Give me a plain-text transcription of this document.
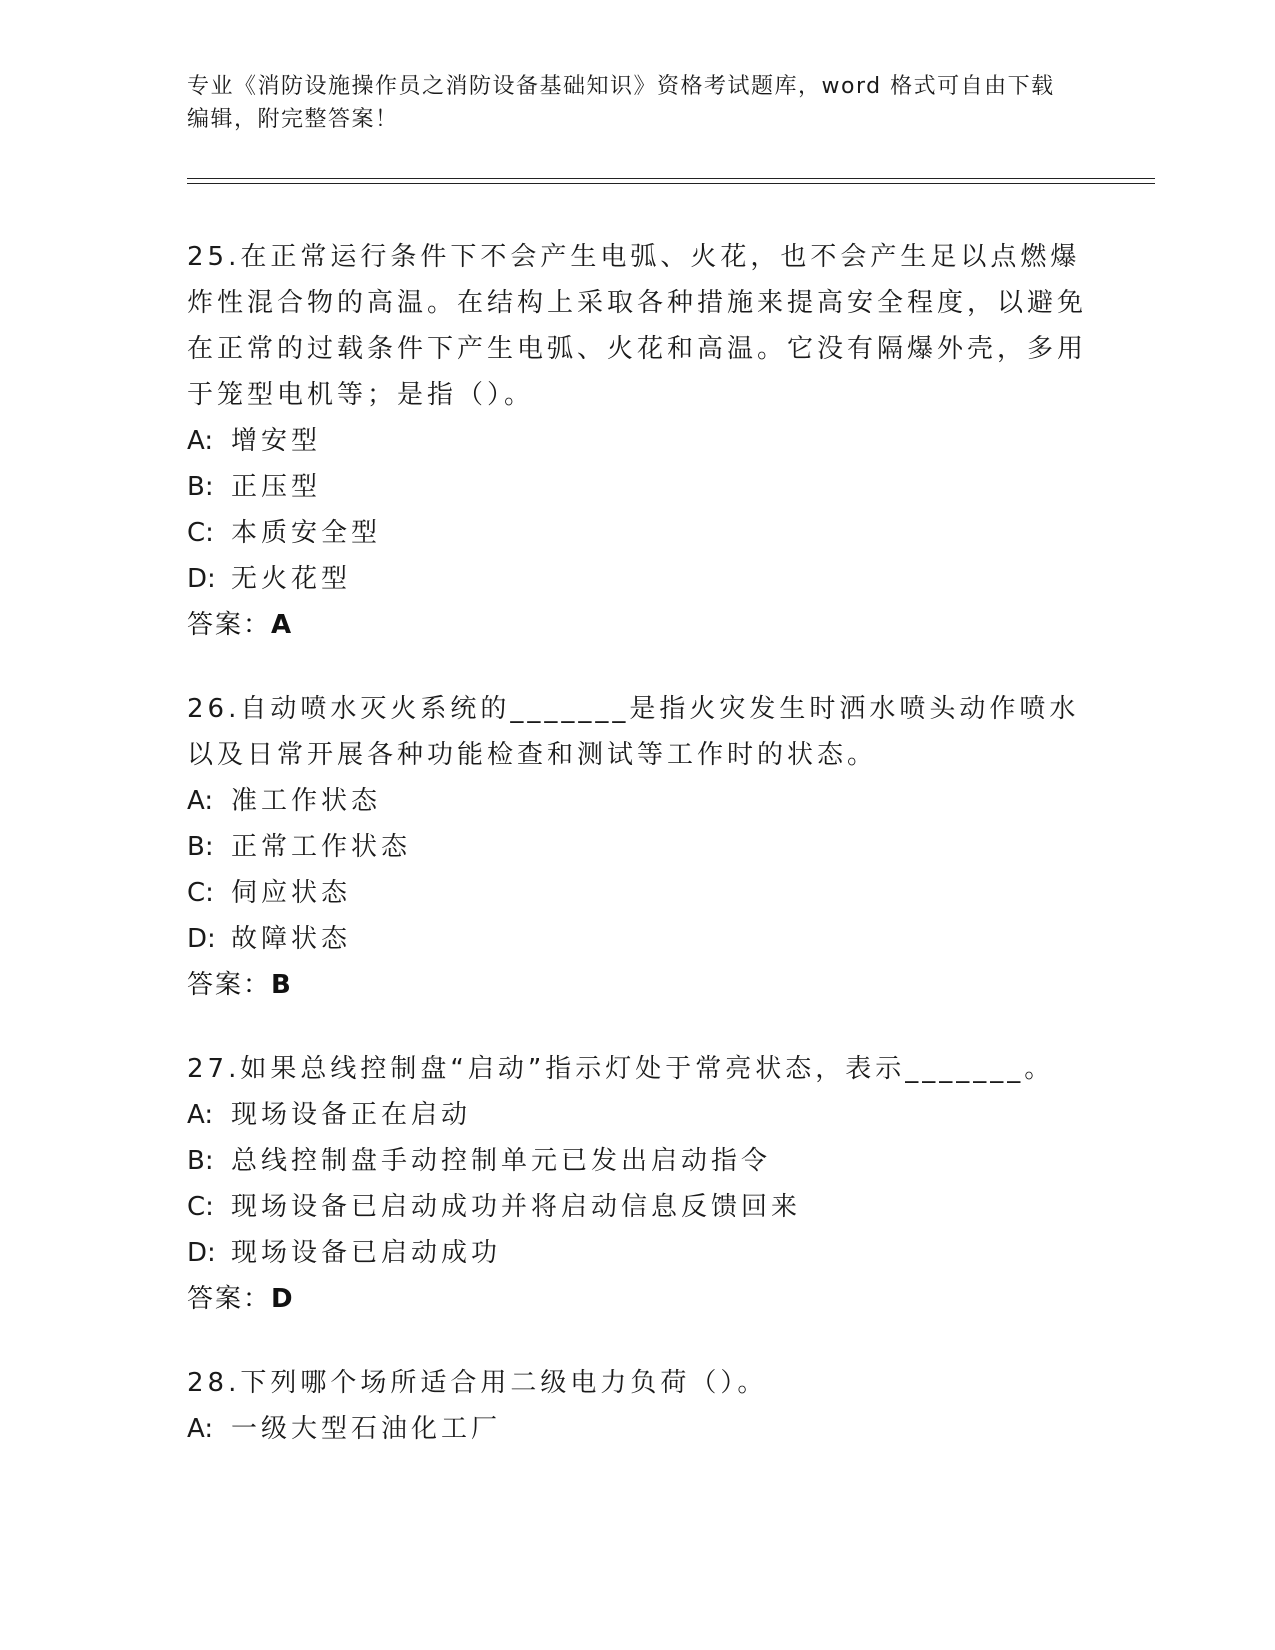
专业《消防设施操作员之消防设备基础知识》资格考试题库，word 格式可自由下载编辑，附完整答案！

25.在正常运行条件下不会产生电弧、火花，也不会产生足以点燃爆炸性混合物的高温。在结构上采取各种措施来提高安全程度，以避免在正常的过载条件下产生电弧、火花和高温。它没有隔爆外壳，多用于笼型电机等；是指（）。

A: 增安型

B: 正压型

C: 本质安全型

D: 无火花型

答案：A

26.自动喷水灭火系统的_______是指火灾发生时洒水喷头动作喷水以及日常开展各种功能检查和测试等工作时的状态。

A: 准工作状态

B: 正常工作状态

C: 伺应状态

D: 故障状态

答案：B

27.如果总线控制盘“启动”指示灯处于常亮状态，表示_______。

A: 现场设备正在启动

B: 总线控制盘手动控制单元已发出启动指令

C: 现场设备已启动成功并将启动信息反馈回来

D: 现场设备已启动成功

答案：D

28.下列哪个场所适合用二级电力负荷（）。

A: 一级大型石油化工厂
